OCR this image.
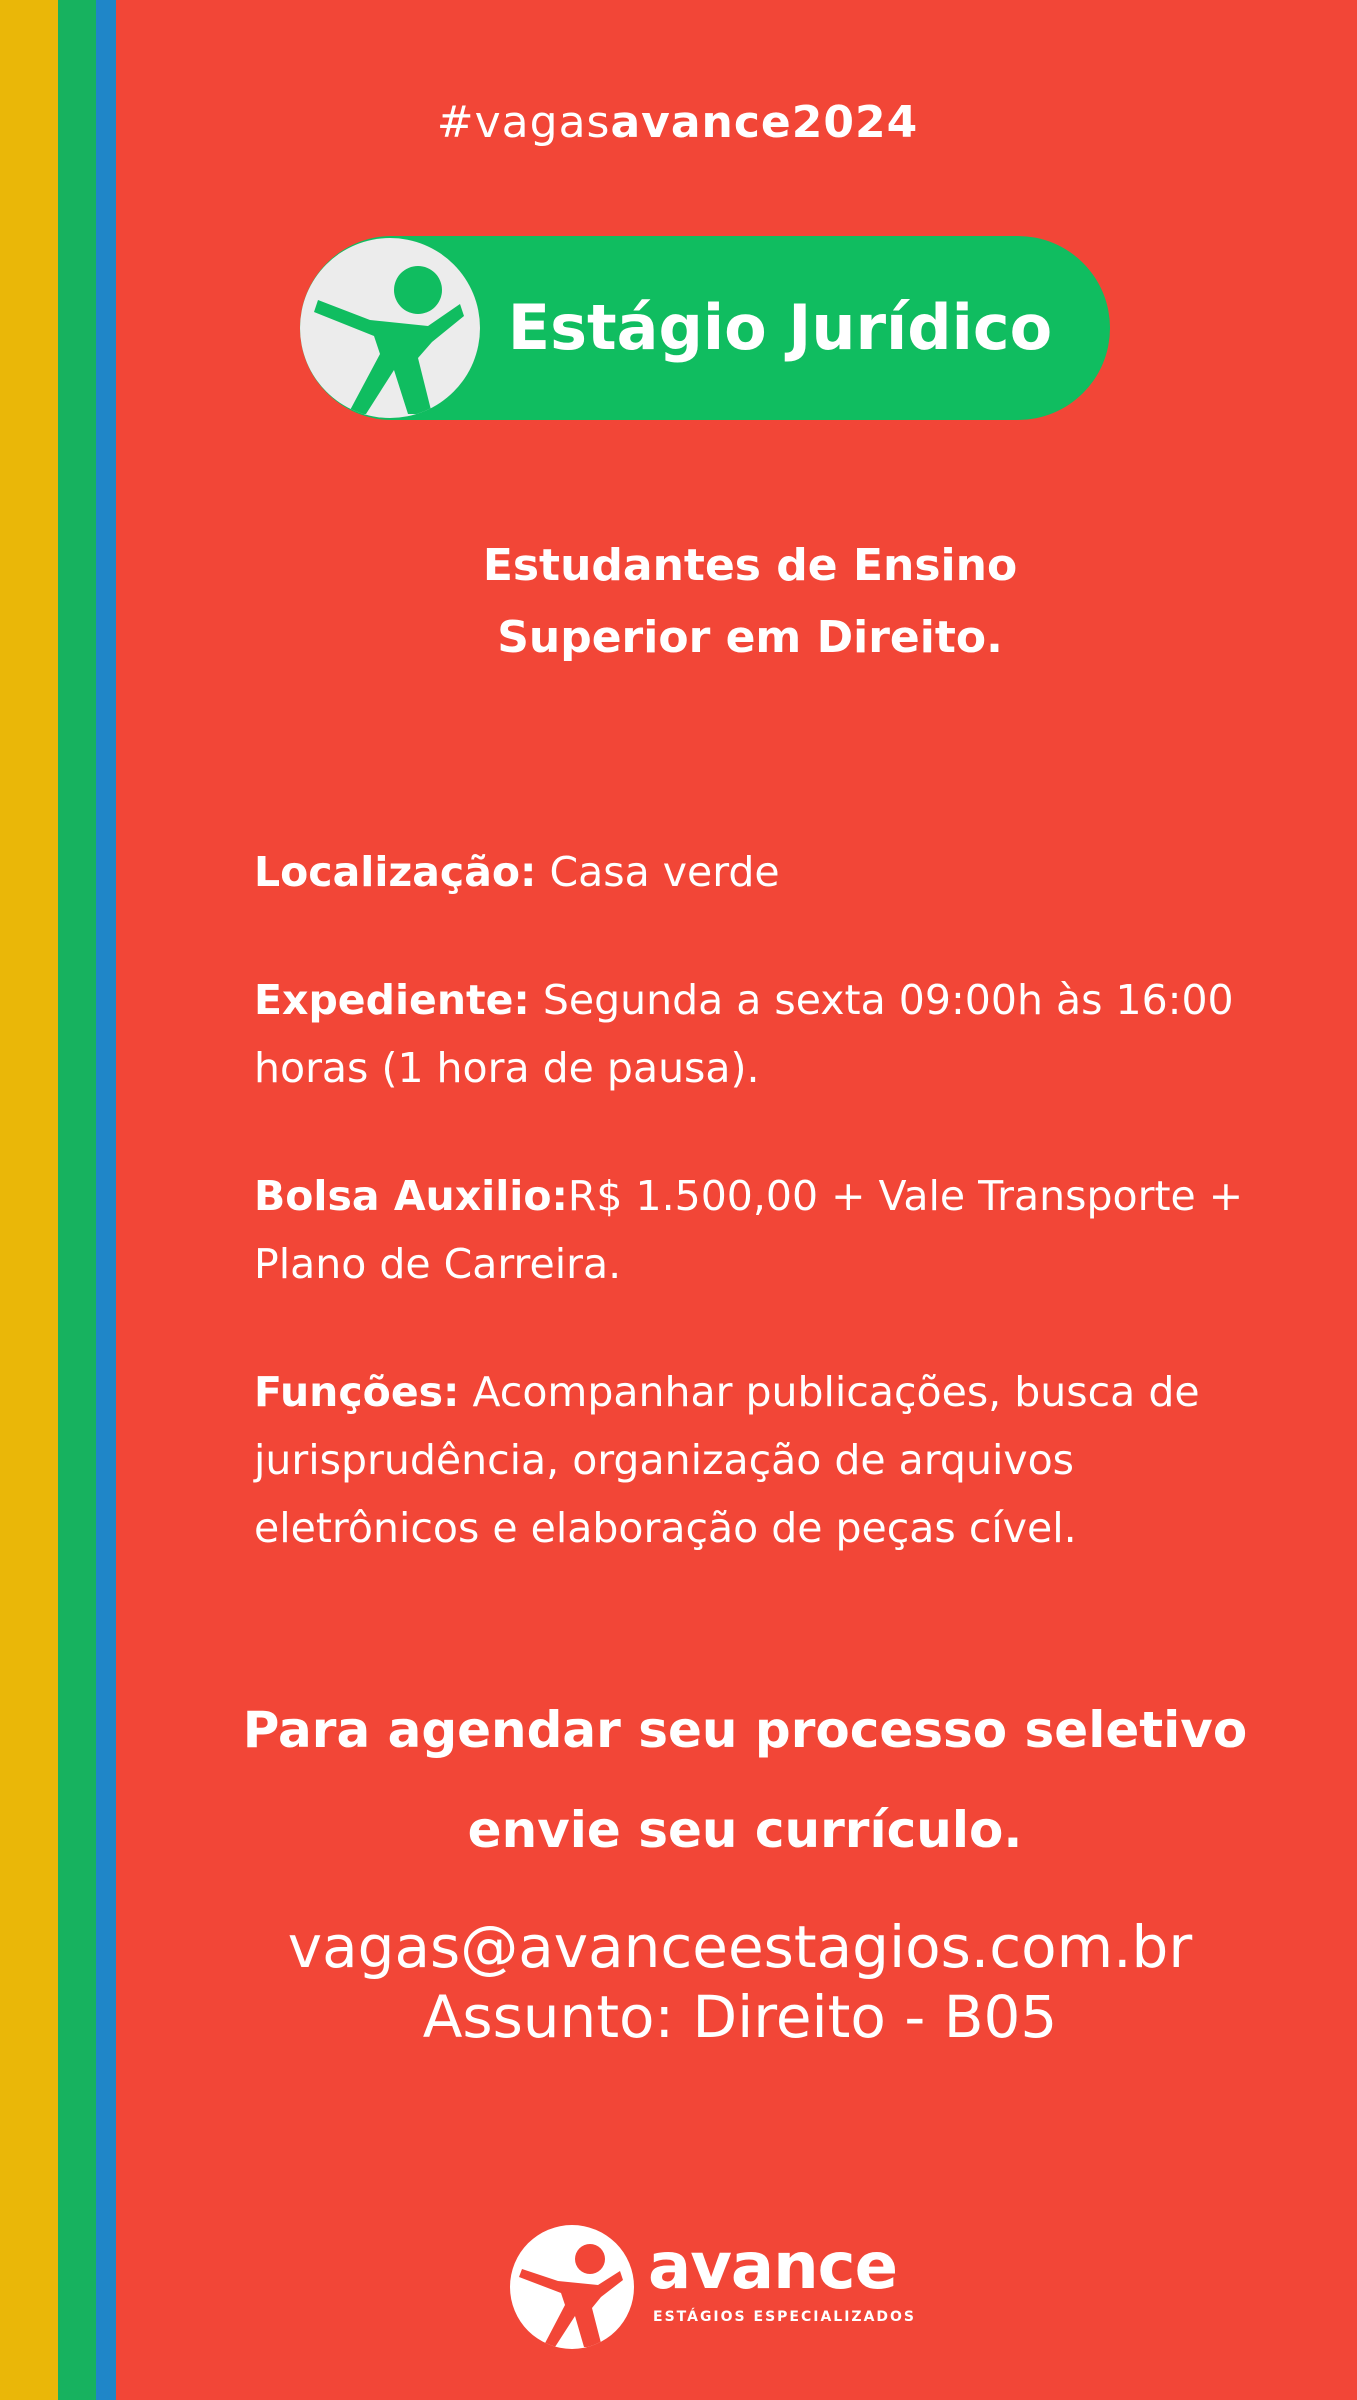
#vagasavance2024
Estágio Jurídico
Estudantes de Ensino
Superior em Direito.

Localização: Casa verde

Expediente: Segunda a sexta 09:00h às 16:00 horas (1 hora de pausa).

Bolsa Auxilio:R$ 1.500,00 + Vale Transporte + Plano de Carreira.

Funções: Acompanhar publicações, busca de jurisprudência, organização de arquivos eletrônicos e elaboração de peças cível.

Para agendar seu processo seletivo
envie seu currículo.
vagas@avanceestagios.com.br
Assunto: Direito - B05
avance
ESTÁGIOS ESPECIALIZADOS
